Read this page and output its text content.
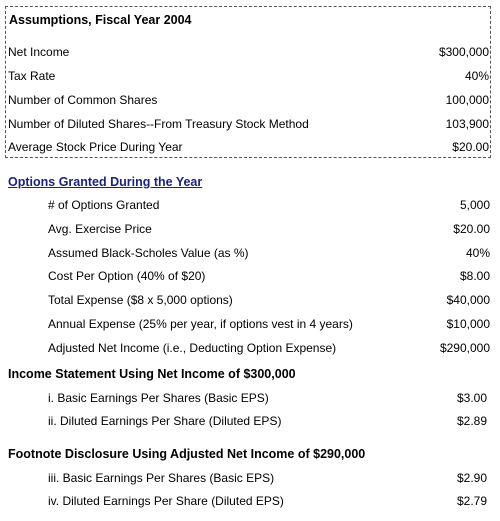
Assumptions, Fiscal Year 2004
Net Income	$300,000
Tax Rate	40%
Number of Common Shares	100,000
Number of Diluted Shares--From Treasury Stock Method	103,900
Average Stock Price During Year	$20.00
Options Granted During the Year
# of Options Granted	5,000
Avg. Exercise Price	$20.00
Assumed Black-Scholes Value (as %)	40%
Cost Per Option (40% of $20)	$8.00
Total Expense ($8 x 5,000 options)	$40,000
Annual Expense (25% per year, if options vest in 4 years)	$10,000
Adjusted Net Income (i.e., Deducting Option Expense)	$290,000
Income Statement Using Net Income of $300,000
i. Basic Earnings Per Shares (Basic EPS)	$3.00
ii. Diluted Earnings Per Share (Diluted EPS)	$2.89
Footnote Disclosure Using Adjusted Net Income of $290,000
iii. Basic Earnings Per Shares (Basic EPS)	$2.90
iv. Diluted Earnings Per Share (Diluted EPS)	$2.79
